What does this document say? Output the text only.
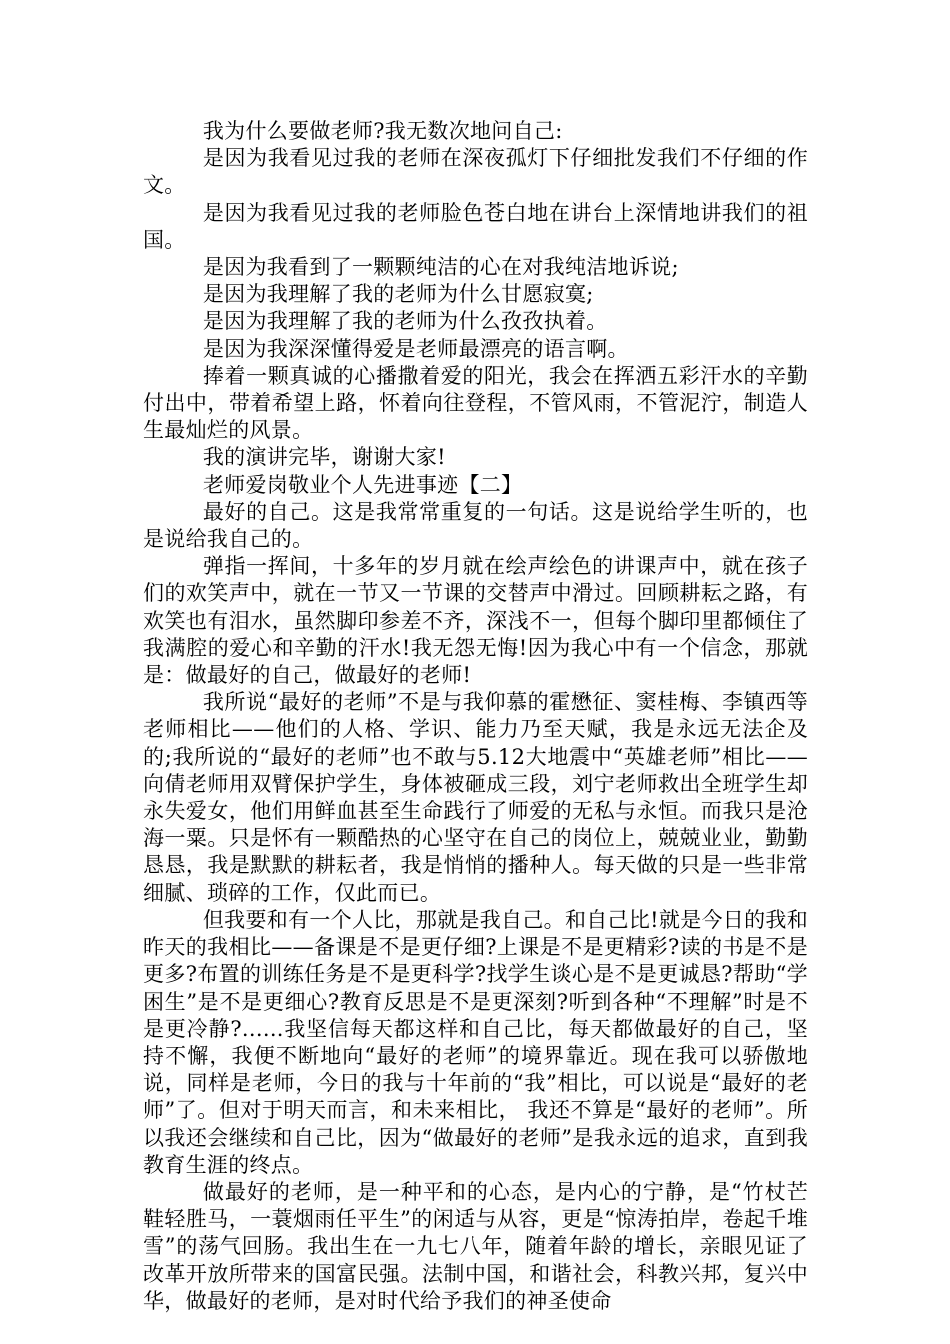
我为什么要做老师?我无数次地问自己:

是因为我看见过我的老师在深夜孤灯下仔细批发我们不仔细的作文。

是因为我看见过我的老师脸色苍白地在讲台上深情地讲我们的祖国。

是因为我看到了一颗颗纯洁的心在对我纯洁地诉说;

是因为我理解了我的老师为什么甘愿寂寞;

是因为我理解了我的老师为什么孜孜执着。

是因为我深深懂得爱是老师最漂亮的语言啊。

捧着一颗真诚的心播撒着爱的阳光，我会在挥洒五彩汗水的辛勤付出中，带着希望上路，怀着向往登程，不管风雨，不管泥泞，制造人生最灿烂的风景。

我的演讲完毕，谢谢大家!

老师爱岗敬业个人先进事迹【二】

最好的自己。这是我常常重复的一句话。这是说给学生听的，也是说给我自己的。

弹指一挥间，十多年的岁月就在绘声绘色的讲课声中，就在孩子们的欢笑声中，就在一节又一节课的交替声中滑过。回顾耕耘之路，有欢笑也有泪水，虽然脚印参差不齐，深浅不一，但每个脚印里都倾住了我满腔的爱心和辛勤的汗水!我无怨无悔!因为我心中有一个信念，那就是：做最好的自己，做最好的老师!

我所说“最好的老师”不是与我仰慕的霍懋征、窦桂梅、李镇西等老师相比——他们的人格、学识、能力乃至天赋，我是永远无法企及的;我所说的“最好的老师”也不敢与5.12大地震中“英雄老师”相比——向倩老师用双臂保护学生，身体被砸成三段，刘宁老师救出全班学生却永失爱女，他们用鲜血甚至生命践行了师爱的无私与永恒。而我只是沧海一粟。只是怀有一颗酷热的心坚守在自己的岗位上，兢兢业业，勤勤恳恳，我是默默的耕耘者，我是悄悄的播种人。每天做的只是一些非常细腻、琐碎的工作，仅此而已。

但我要和有一个人比，那就是我自己。和自己比!就是今日的我和昨天的我相比——备课是不是更仔细?上课是不是更精彩?读的书是不是更多?布置的训练任务是不是更科学?找学生谈心是不是更诚恳?帮助“学困生”是不是更细心?教育反思是不是更深刻?听到各种“不理解”时是不是更冷静?......我坚信每天都这样和自己比，每天都做最好的自己，坚持不懈，我便不断地向“最好的老师”的境界靠近。现在我可以骄傲地说，同样是老师，今日的我与十年前的“我”相比，可以说是“最好的老师”了。但对于明天而言，和未来相比， 我还不算是“最好的老师”。所以我还会继续和自己比，因为“做最好的老师”是我永远的追求，直到我教育生涯的终点。

做最好的老师，是一种平和的心态，是内心的宁静，是“竹杖芒鞋轻胜马，一蓑烟雨任平生”的闲适与从容，更是“惊涛拍岸，卷起千堆雪”的荡气回肠。我出生在一九七八年，随着年龄的增长，亲眼见证了改革开放所带来的国富民强。法制中国，和谐社会，科教兴邦，复兴中华，做最好的老师，是对时代给予我们的神圣使命
